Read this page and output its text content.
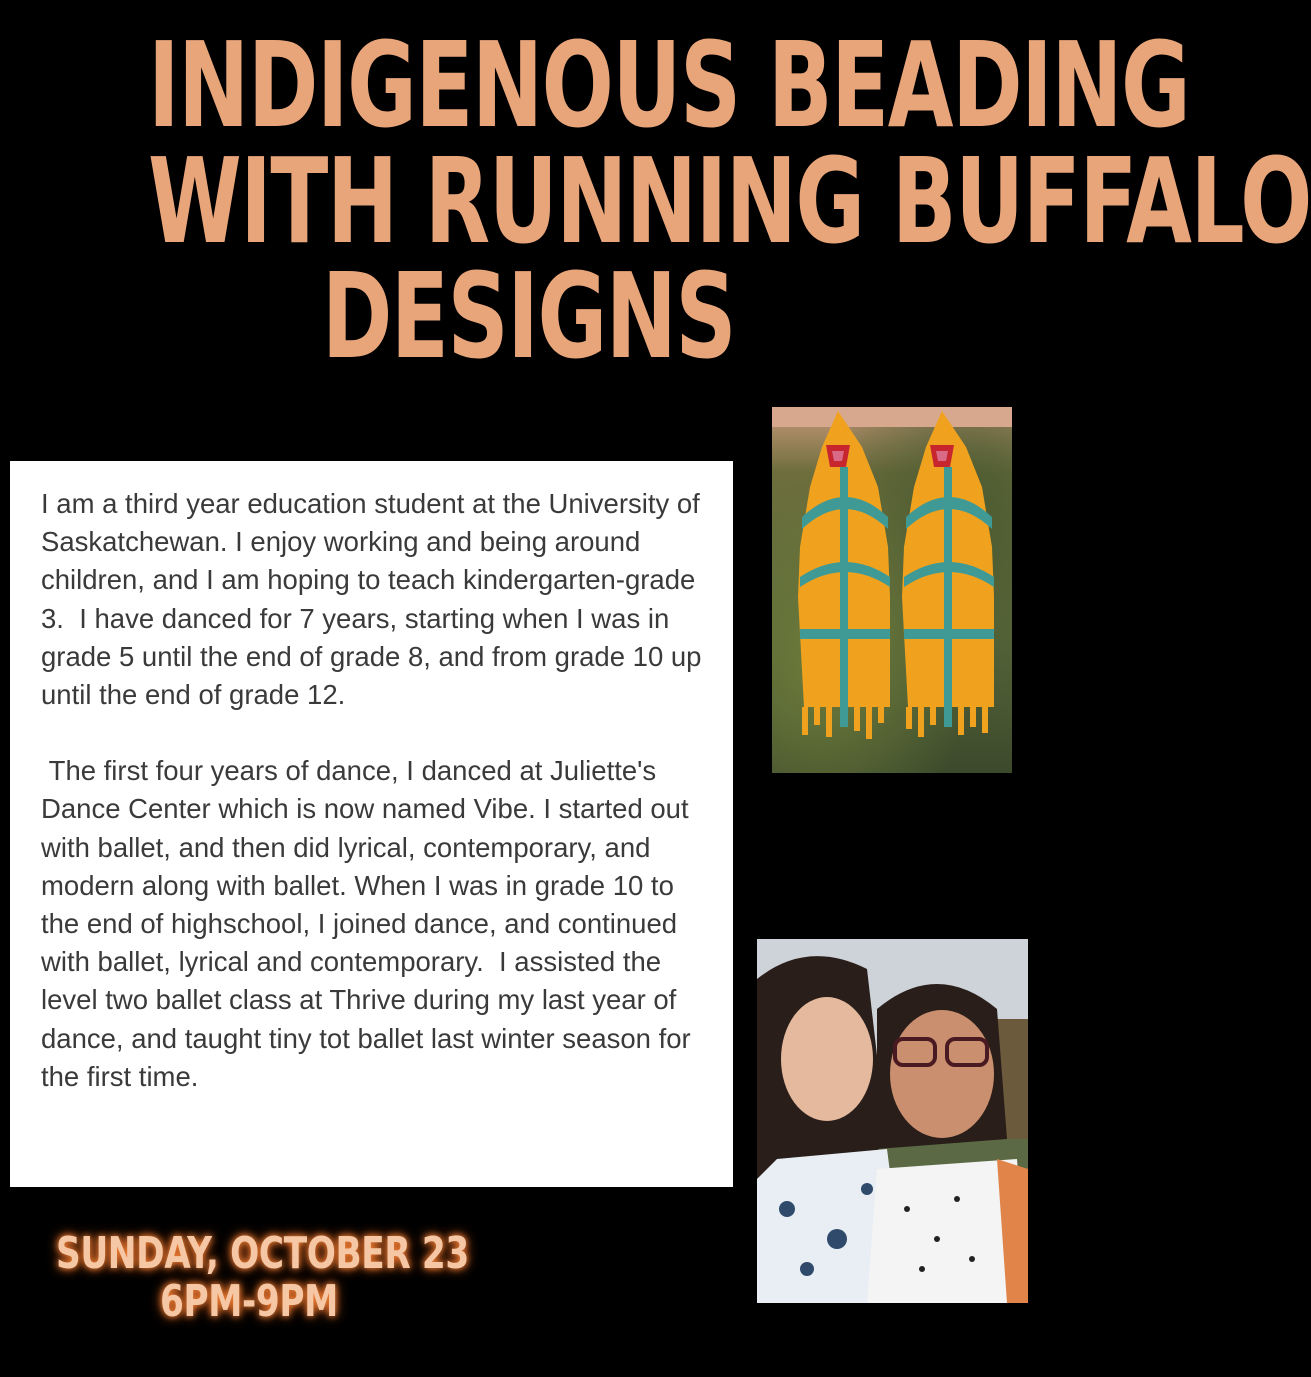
INDIGENOUS BEADING
WITH RUNNING BUFFALO
DESIGNS

I am a third year education student at the University of Saskatchewan. I enjoy working and being around children, and I am hoping to teach kindergarten-grade 3.  I have danced for 7 years, starting when I was in grade 5 until the end of grade 8, and from grade 10 up until the end of grade 12.

The first four years of dance, I danced at Juliette's Dance Center which is now named Vibe. I started out with ballet, and then did lyrical, contemporary, and modern along with ballet. When I was in grade 10 to the end of highschool, I joined dance, and continued with ballet, lyrical and contemporary.  I assisted the level two ballet class at Thrive during my last year of dance, and taught tiny tot ballet last winter season for the first time.

SUNDAY, OCTOBER 23
6PM-9PM
